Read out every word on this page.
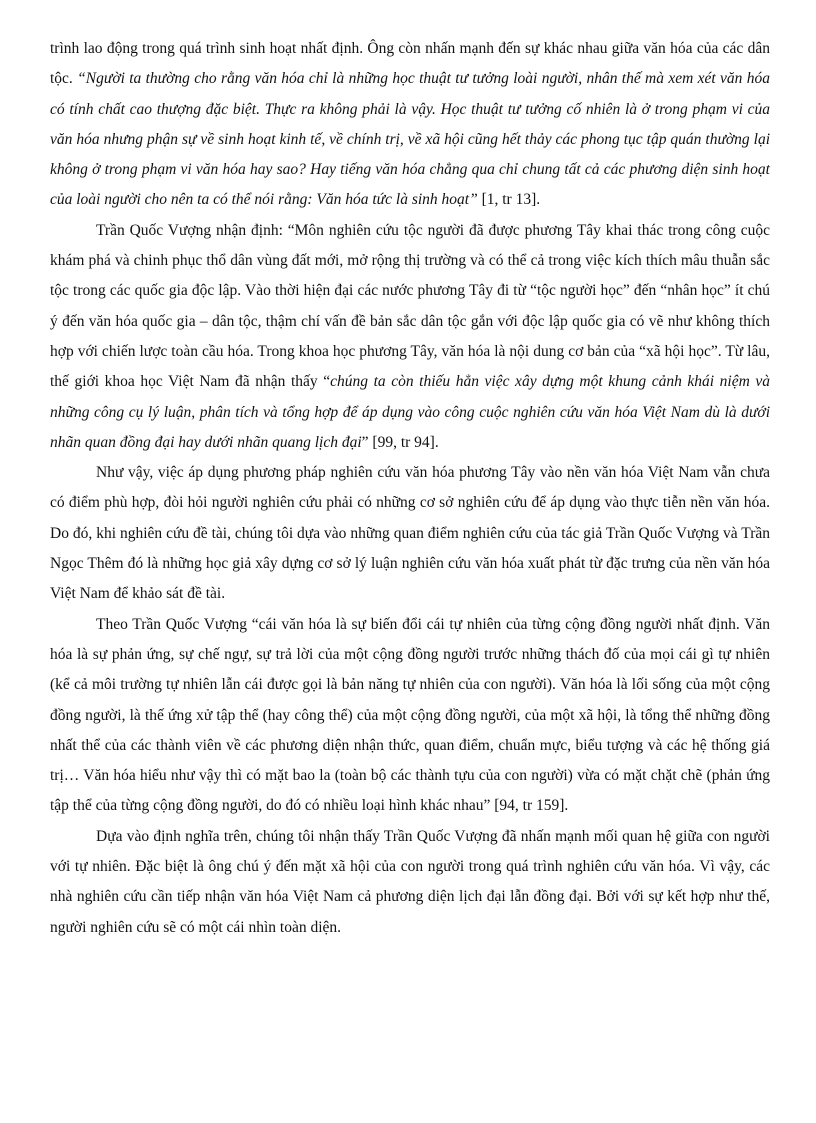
trình lao động trong quá trình sinh hoạt nhất định. Ông còn nhấn mạnh đến sự khác nhau giữa văn hóa của các dân tộc. “Người ta thường cho rằng văn hóa chỉ là những học thuật tư tưởng loài người, nhân thế mà xem xét văn hóa có tính chất cao thượng đặc biệt. Thực ra không phải là vậy. Học thuật tư tưởng cố nhiên là ở trong phạm vi của văn hóa nhưng phận sự về sinh hoạt kinh tế, về chính trị, về xã hội cũng hết thảy các phong tục tập quán thường lại không ở trong phạm vi văn hóa hay sao? Hay tiếng văn hóa chẳng qua chỉ chung tất cả các phương diện sinh hoạt của loài người cho nên ta có thể nói rằng: Văn hóa tức là sinh hoạt” [1, tr 13].

Trần Quốc Vượng nhận định: “Môn nghiên cứu tộc người đã được phương Tây khai thác trong công cuộc khám phá và chinh phục thổ dân vùng đất mới, mở rộng thị trường và có thể cả trong việc kích thích mâu thuẫn sắc tộc trong các quốc gia độc lập. Vào thời hiện đại các nước phương Tây đi từ “tộc người học” đến “nhân học” ít chú ý đến văn hóa quốc gia – dân tộc, thậm chí vấn đề bản sắc dân tộc gắn với độc lập quốc gia có vẽ như không thích hợp với chiến lược toàn cầu hóa. Trong khoa học phương Tây, văn hóa là nội dung cơ bản của “xã hội học”. Từ lâu, thế giới khoa học Việt Nam đã nhận thấy “chúng ta còn thiếu hẳn việc xây dựng một khung cảnh khái niệm và những công cụ lý luận, phân tích và tổng hợp để áp dụng vào công cuộc nghiên cứu văn hóa Việt Nam dù là dưới nhãn quan đồng đại hay dưới nhãn quang lịch đại” [99, tr 94].

Như vậy, việc áp dụng phương pháp nghiên cứu văn hóa phương Tây vào nền văn hóa Việt Nam vẫn chưa có điểm phù hợp, đòi hỏi người nghiên cứu phải có những cơ sở nghiên cứu để áp dụng vào thực tiễn nền văn hóa. Do đó, khi nghiên cứu đề tài, chúng tôi dựa vào những quan điểm nghiên cứu của tác giả Trần Quốc Vượng và Trần Ngọc Thêm đó là những học giả xây dựng cơ sở lý luận nghiên cứu văn hóa xuất phát từ đặc trưng của nền văn hóa Việt Nam để khảo sát đề tài.

Theo Trần Quốc Vượng “cái văn hóa là sự biến đổi cái tự nhiên của từng cộng đồng người nhất định. Văn hóa là sự phản ứng, sự chế ngự, sự trả lời của một cộng đồng người trước những thách đố của mọi cái gì tự nhiên (kể cả môi trường tự nhiên lẫn cái được gọi là bản năng tự nhiên của con người). Văn hóa là lối sống của một cộng đồng người, là thế ứng xử tập thể (hay công thể) của một cộng đồng người, của một xã hội, là tổng thể những đồng nhất thể của các thành viên về các phương diện nhận thức, quan điểm, chuẩn mực, biểu tượng và các hệ thống giá trị… Văn hóa hiểu như vậy thì có mặt bao la (toàn bộ các thành tựu của con người) vừa có mặt chặt chẽ (phản ứng tập thể của từng cộng đồng người, do đó có nhiều loại hình khác nhau” [94, tr 159].

Dựa vào định nghĩa trên, chúng tôi nhận thấy Trần Quốc Vượng đã nhấn mạnh mối quan hệ giữa con người với tự nhiên. Đặc biệt là ông chú ý đến mặt xã hội của con người trong quá trình nghiên cứu văn hóa. Vì vậy, các nhà nghiên cứu cần tiếp nhận văn hóa Việt Nam cả phương diện lịch đại lẫn đồng đại. Bởi với sự kết hợp như thế, người nghiên cứu sẽ có một cái nhìn toàn diện.
